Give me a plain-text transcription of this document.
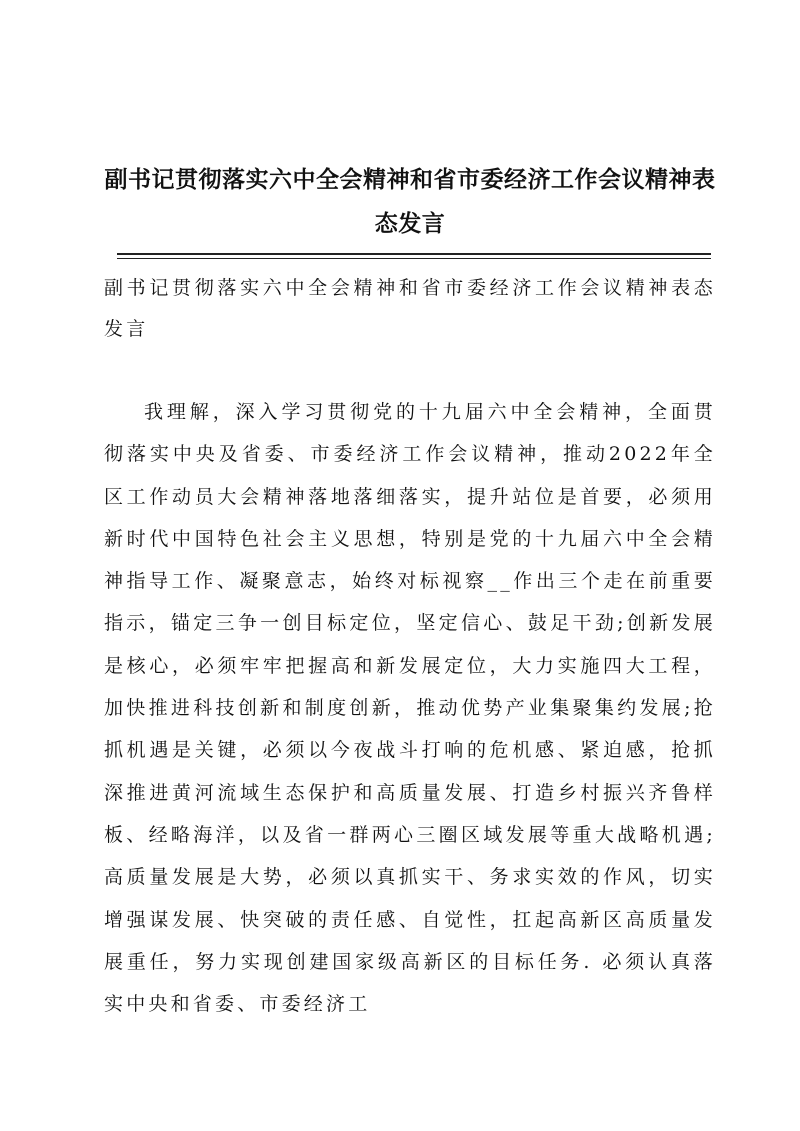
副书记贯彻落实六中全会精神和省市委经济工作会议精神表态发言
副书记贯彻落实六中全会精神和省市委经济工作会议精神表态发言

我理解，深入学习贯彻党的十九届六中全会精神，全面贯彻落实中央及省委、市委经济工作会议精神，推动2022年全区工作动员大会精神落地落细落实，提升站位是首要，必须用新时代中国特色社会主义思想，特别是党的十九届六中全会精神指导工作、凝聚意志，始终对标视察__作出三个走在前重要指示，锚定三争一创目标定位，坚定信心、鼓足干劲;创新发展是核心，必须牢牢把握高和新发展定位，大力实施四大工程，加快推进科技创新和制度创新，推动优势产业集聚集约发展;抢抓机遇是关键，必须以今夜战斗打响的危机感、紧迫感，抢抓深推进黄河流域生态保护和高质量发展、打造乡村振兴齐鲁样板、经略海洋，以及省一群两心三圈区域发展等重大战略机遇;高质量发展是大势，必须以真抓实干、务求实效的作风，切实增强谋发展、快突破的责任感、自觉性，扛起高新区高质量发展重任，努力实现创建国家级高新区的目标任务. 必须认真落实中央和省委、市委经济工
